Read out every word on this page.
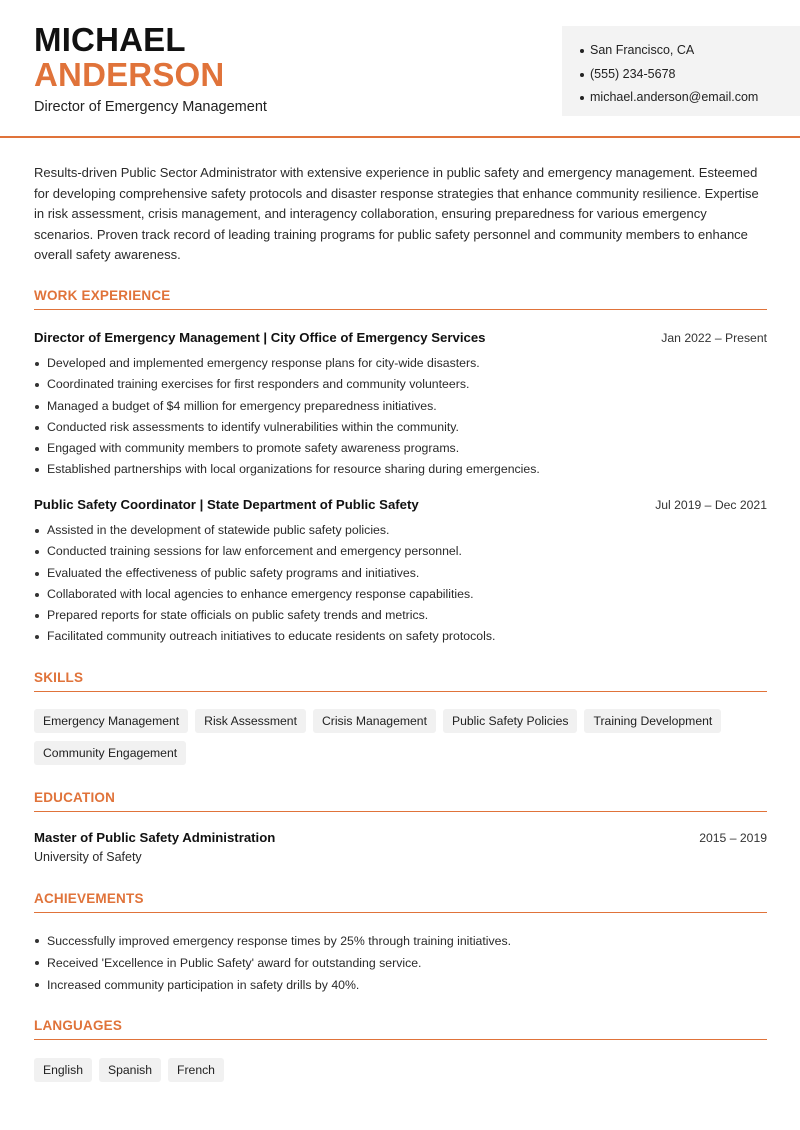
MICHAEL
ANDERSON
Director of Emergency Management
San Francisco, CA
(555) 234-5678
michael.anderson@email.com

Results-driven Public Sector Administrator with extensive experience in public safety and emergency management. Esteemed for developing comprehensive safety protocols and disaster response strategies that enhance community resilience. Expertise in risk assessment, crisis management, and interagency collaboration, ensuring preparedness for various emergency scenarios. Proven track record of leading training programs for public safety personnel and community members to enhance overall safety awareness.

WORK EXPERIENCE
Director of Emergency Management | City Office of Emergency Services	Jan 2022 – Present
Developed and implemented emergency response plans for city-wide disasters.
Coordinated training exercises for first responders and community volunteers.
Managed a budget of $4 million for emergency preparedness initiatives.
Conducted risk assessments to identify vulnerabilities within the community.
Engaged with community members to promote safety awareness programs.
Established partnerships with local organizations for resource sharing during emergencies.
Public Safety Coordinator | State Department of Public Safety	Jul 2019 – Dec 2021
Assisted in the development of statewide public safety policies.
Conducted training sessions for law enforcement and emergency personnel.
Evaluated the effectiveness of public safety programs and initiatives.
Collaborated with local agencies to enhance emergency response capabilities.
Prepared reports for state officials on public safety trends and metrics.
Facilitated community outreach initiatives to educate residents on safety protocols.
SKILLS
Emergency Management	Risk Assessment	Crisis Management	Public Safety Policies	Training Development
Community Engagement
EDUCATION
Master of Public Safety Administration	2015 – 2019
University of Safety
ACHIEVEMENTS
Successfully improved emergency response times by 25% through training initiatives.
Received 'Excellence in Public Safety' award for outstanding service.
Increased community participation in safety drills by 40%.
LANGUAGES
English	Spanish	French
